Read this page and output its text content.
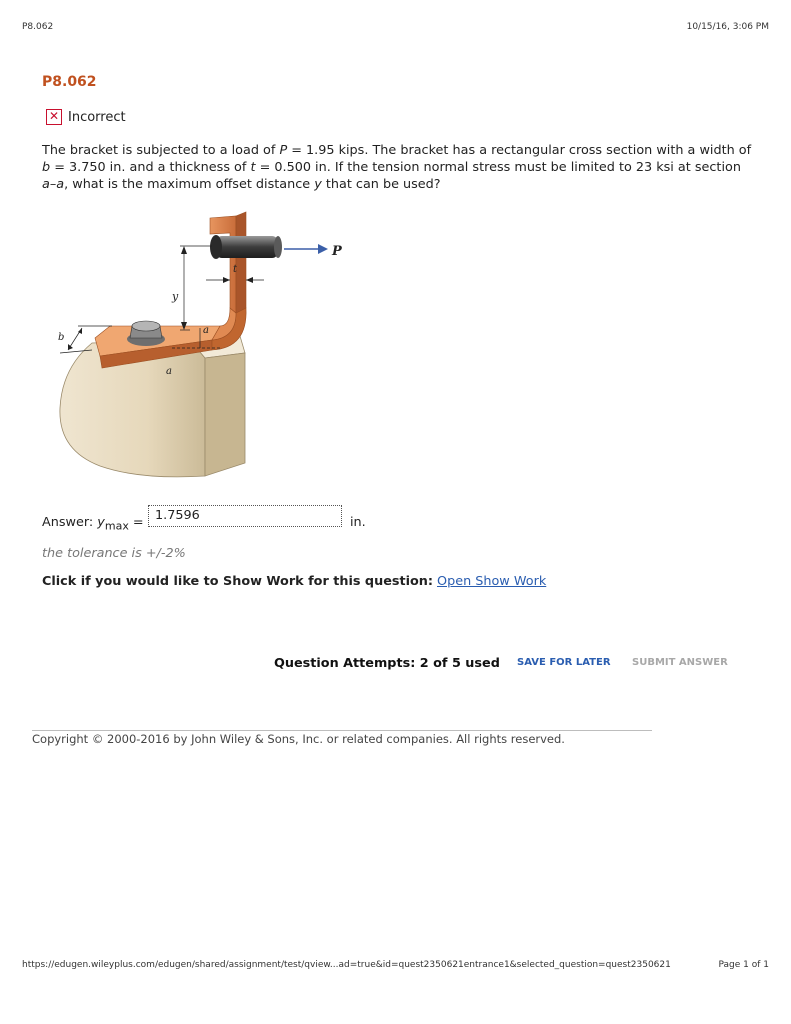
P8.062	10/15/16, 3:06 PM
P8.062
✕ Incorrect
The bracket is subjected to a load of P = 1.95 kips. The bracket has a rectangular cross section with a width of b = 3.750 in. and a thickness of t = 0.500 in. If the tension normal stress must be limited to 23 ksi at section a–a, what is the maximum offset distance y that can be used?
P
y
t
a
a
b
Answer: $y_{max} = 1.7596$	in.
the tolerance is +/-2%
Click if you would like to Show Work for this question: Open Show Work
Question Attempts: 2 of 5 used SAVE FOR LATER SUBMIT ANSWER
Copyright © 2000-2016 by John Wiley & Sons, Inc. or related companies. All rights reserved.
https://edugen.wileyplus.com/edugen/shared/assignment/test/qview...ad=true&id=quest2350621entrance1&selected_question=quest2350621	Page 1 of 1
